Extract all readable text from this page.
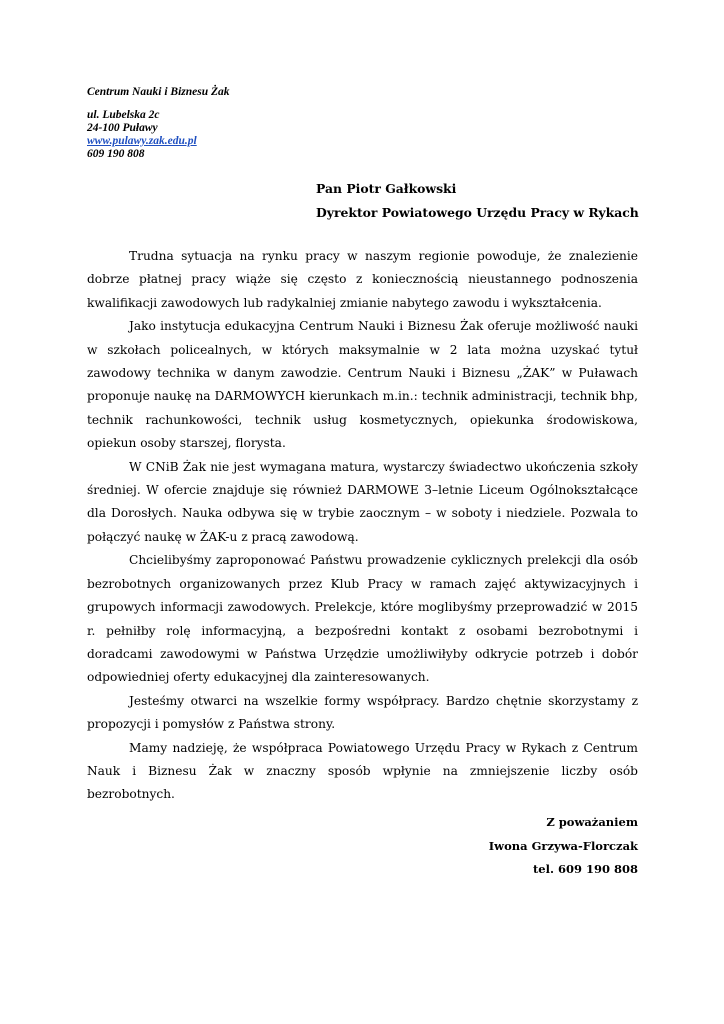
Centrum Nauki i Biznesu Żak
ul. Lubelska 2c
24-100 Puławy
www.pulawy.zak.edu.pl
609 190 808
Pan Piotr Gałkowski
Dyrektor Powiatowego Urzędu Pracy w Rykach

Trudna sytuacja na rynku pracy w naszym regionie powoduje, że znalezienie dobrze płatnej pracy wiąże się często z koniecznością nieustannego podnoszenia kwalifikacji zawodowych lub radykalniej zmianie nabytego zawodu i wykształcenia.

Jako instytucja edukacyjna Centrum Nauki i Biznesu Żak oferuje możliwość nauki w szkołach policealnych, w których maksymalnie w 2 lata można uzyskać tytuł zawodowy technika w danym zawodzie. Centrum Nauki i Biznesu „ŻAK” w Puławach proponuje naukę na DARMOWYCH kierunkach m.in.: technik administracji, technik bhp, technik rachunkowości, technik usług kosmetycznych, opiekunka środowiskowa, opiekun osoby starszej, florysta.

W CNiB Żak nie jest wymagana matura, wystarczy świadectwo ukończenia szkoły średniej. W ofercie znajduje się również DARMOWE 3–letnie Liceum Ogólnokształcące dla Dorosłych. Nauka odbywa się w trybie zaocznym – w soboty i niedziele. Pozwala to połączyć naukę w ŻAK-u z pracą zawodową.

Chcielibyśmy zaproponować Państwu prowadzenie cyklicznych prelekcji dla osób bezrobotnych organizowanych przez Klub Pracy w ramach zajęć aktywizacyjnych i grupowych informacji zawodowych. Prelekcje, które moglibyśmy przeprowadzić w 2015 r. pełniłby rolę informacyjną, a bezpośredni kontakt z osobami bezrobotnymi i doradcami zawodowymi w Państwa Urzędzie umożliwiłyby odkrycie potrzeb i dobór odpowiedniej oferty edukacyjnej dla zainteresowanych.

Jesteśmy otwarci na wszelkie formy współpracy. Bardzo chętnie skorzystamy z propozycji i pomysłów z Państwa strony.

Mamy nadzieję, że współpraca Powiatowego Urzędu Pracy w Rykach z Centrum Nauk i Biznesu Żak w znaczny sposób wpłynie na zmniejszenie liczby osób bezrobotnych.

Z poważaniem
Iwona Grzywa-Florczak
tel. 609 190 808
